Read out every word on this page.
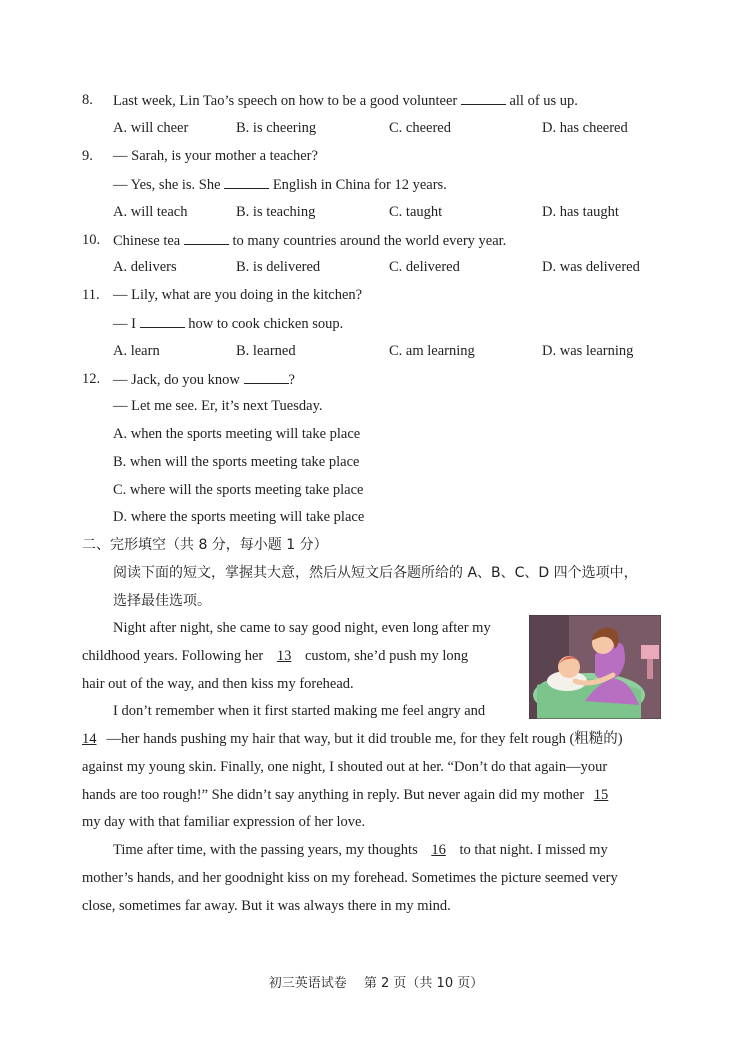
8. Last week, Lin Tao’s speech on how to be a good volunteer	all of us up.
A. will cheer	B. is cheering	C. cheered	D. has cheered
9. — Sarah, is your mother a teacher?
— Yes, she is. She	English in China for 12 years.
A. will teach	B. is teaching	C. taught	D. has taught
10. Chinese tea	to many countries around the world every year.
A. delivers	B. is delivered	C. delivered	D. was delivered
11. — Lily, what are you doing in the kitchen?
— I	how to cook chicken soup.
A. learn	B. learned	C. am learning	D. was learning
12. — Jack, do you know	?
— Let me see. Er, it’s next Tuesday.
A. when the sports meeting will take place
B. when will the sports meeting take place
C. where will the sports meeting take place
D. where the sports meeting will take place
二、完形填空（共 8 分，每小题 1 分）
阅读下面的短文，掌握其大意，然后从短文后各题所给的 A、B、C、D 四个选项中，
选择最佳选项。
Night after night, she came to say good night, even long after my
childhood years. Following her 13 custom, she’d push my long
hair out of the way, and then kiss my forehead.
I don’t remember when it first started making me feel angry and
14 —her hands pushing my hair that way, but it did trouble me, for they felt rough (粗糙的)
against my young skin. Finally, one night, I shouted out at her. “Don’t do that again—your
hands are too rough!” She didn’t say anything in reply. But never again did my mother 15
my day with that familiar expression of her love.
Time after time, with the passing years, my thoughts 16 to that night. I missed my
mother’s hands, and her goodnight kiss on my forehead. Sometimes the picture seemed very
close, sometimes far away. But it was always there in my mind.
初三英语试卷　 第 2 页（共 10 页）
